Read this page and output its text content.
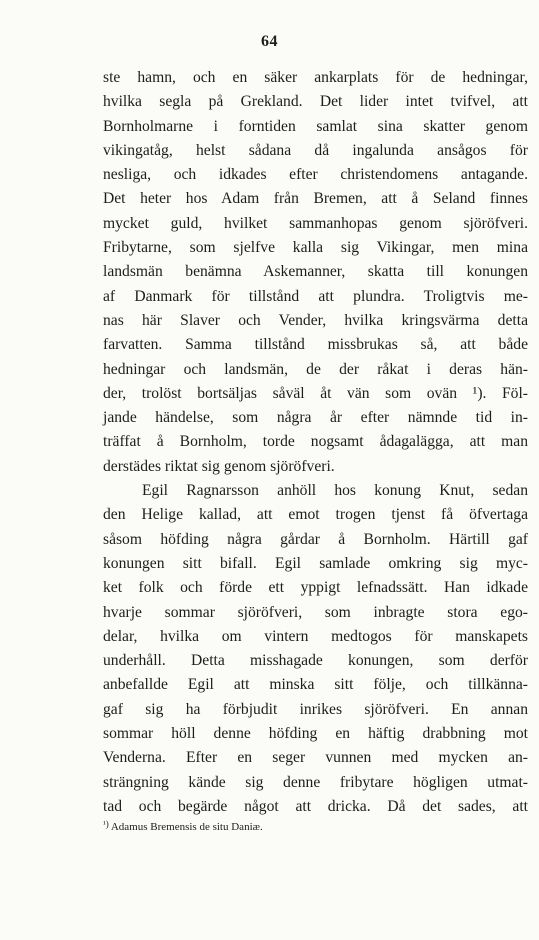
64
ste hamn, och en säker ankarplats för de hedningar,
hvilka segla på Grekland. Det lider intet tvifvel, att
Bornholmarne i forntiden samlat sina skatter genom
vikingatåg, helst sådana då ingalunda ansågos för
nesliga, och idkades efter christendomens antagande.
Det heter hos Adam från Bremen, att å Seland finnes
mycket guld, hvilket sammanhopas genom sjöröfveri.
Fribytarne, som sjelfve kalla sig Vikingar, men mina
landsmän benämna Askemanner, skatta till konungen
af Danmark för tillstånd att plundra. Troligtvis me-
nas här Slaver och Vender, hvilka kringsvärma detta
farvatten. Samma tillstånd missbrukas så, att både
hedningar och landsmän, de der råkat i deras hän-
der, trolöst bortsäljas såväl åt vän som ovän ¹). Föl-
jande händelse, som några år efter nämnde tid in-
träffat å Bornholm, torde nogsamt ådagalägga, att man
derstädes riktat sig genom sjöröfveri.
Egil Ragnarsson anhöll hos konung Knut, sedan
den Helige kallad, att emot trogen tjenst få öfvertaga
såsom höfding några gårdar å Bornholm. Härtill gaf
konungen sitt bifall. Egil samlade omkring sig myc-
ket folk och förde ett yppigt lefnadssätt. Han idkade
hvarje sommar sjöröfveri, som inbragte stora ego-
delar, hvilka om vintern medtogos för manskapets
underhåll. Detta misshagade konungen, som derför
anbefallde Egil att minska sitt följe, och tillkänna-
gaf sig ha förbjudit inrikes sjöröfveri. En annan
sommar höll denne höfding en häftig drabbning mot
Venderna. Efter en seger vunnen med mycken an-
strängning kände sig denne fribytare högligen utmat-
tad och begärde något att dricka. Då det sades, att
$^{^1)}$ Adamus Bremensis de situ Daniæ.
